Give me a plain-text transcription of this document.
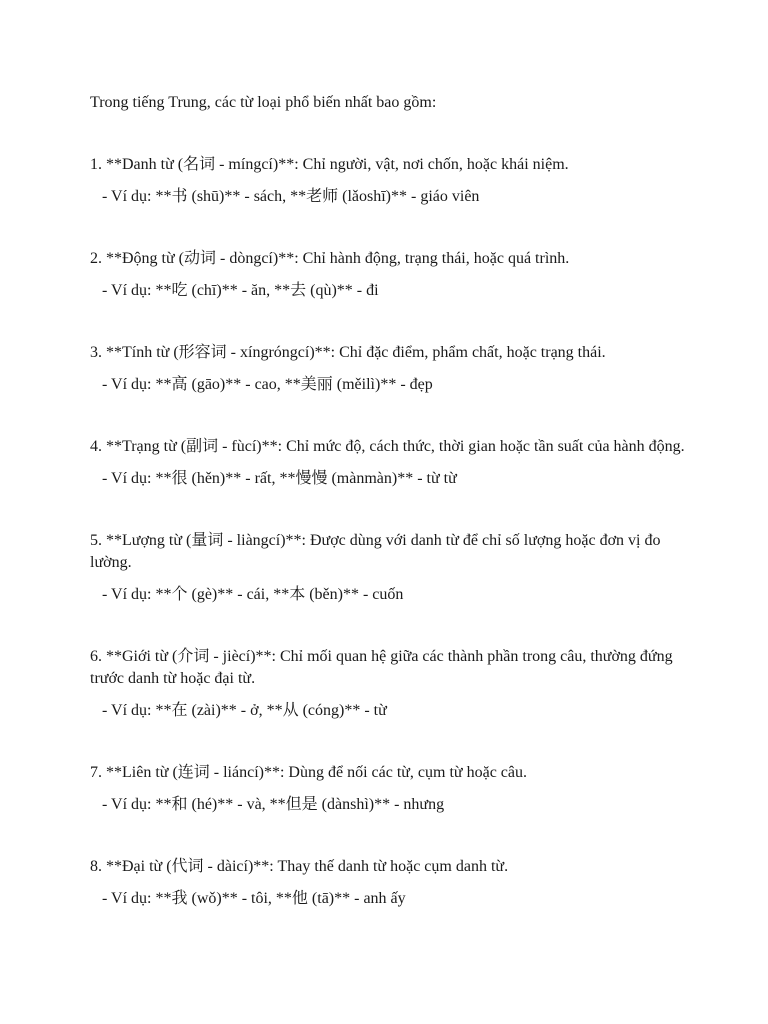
Trong tiếng Trung, các từ loại phổ biến nhất bao gồm:

1. **Danh từ (名词 - míngcí)**: Chỉ người, vật, nơi chốn, hoặc khái niệm.

- Ví dụ: **书 (shū)** - sách, **老师 (lǎoshī)** - giáo viên

2. **Động từ (动词 - dòngcí)**: Chỉ hành động, trạng thái, hoặc quá trình.

- Ví dụ: **吃 (chī)** - ăn, **去 (qù)** - đi

3. **Tính từ (形容词 - xíngróngcí)**: Chỉ đặc điểm, phẩm chất, hoặc trạng thái.

- Ví dụ: **高 (gāo)** - cao, **美丽 (měilì)** - đẹp

4. **Trạng từ (副词 - fùcí)**: Chỉ mức độ, cách thức, thời gian hoặc tần suất của hành động.

- Ví dụ: **很 (hěn)** - rất, **慢慢 (mànmàn)** - từ từ

5. **Lượng từ (量词 - liàngcí)**: Được dùng với danh từ để chỉ số lượng hoặc đơn vị đo lường.

- Ví dụ: **个 (gè)** - cái, **本 (běn)** - cuốn

6. **Giới từ (介词 - jiècí)**: Chỉ mối quan hệ giữa các thành phần trong câu, thường đứng trước danh từ hoặc đại từ.

- Ví dụ: **在 (zài)** - ở, **从 (cóng)** - từ

7. **Liên từ (连词 - liáncí)**: Dùng để nối các từ, cụm từ hoặc câu.

- Ví dụ: **和 (hé)** - và, **但是 (dànshì)** - nhưng

8. **Đại từ (代词 - dàicí)**: Thay thế danh từ hoặc cụm danh từ.

- Ví dụ: **我 (wǒ)** - tôi, **他 (tā)** - anh ấy
